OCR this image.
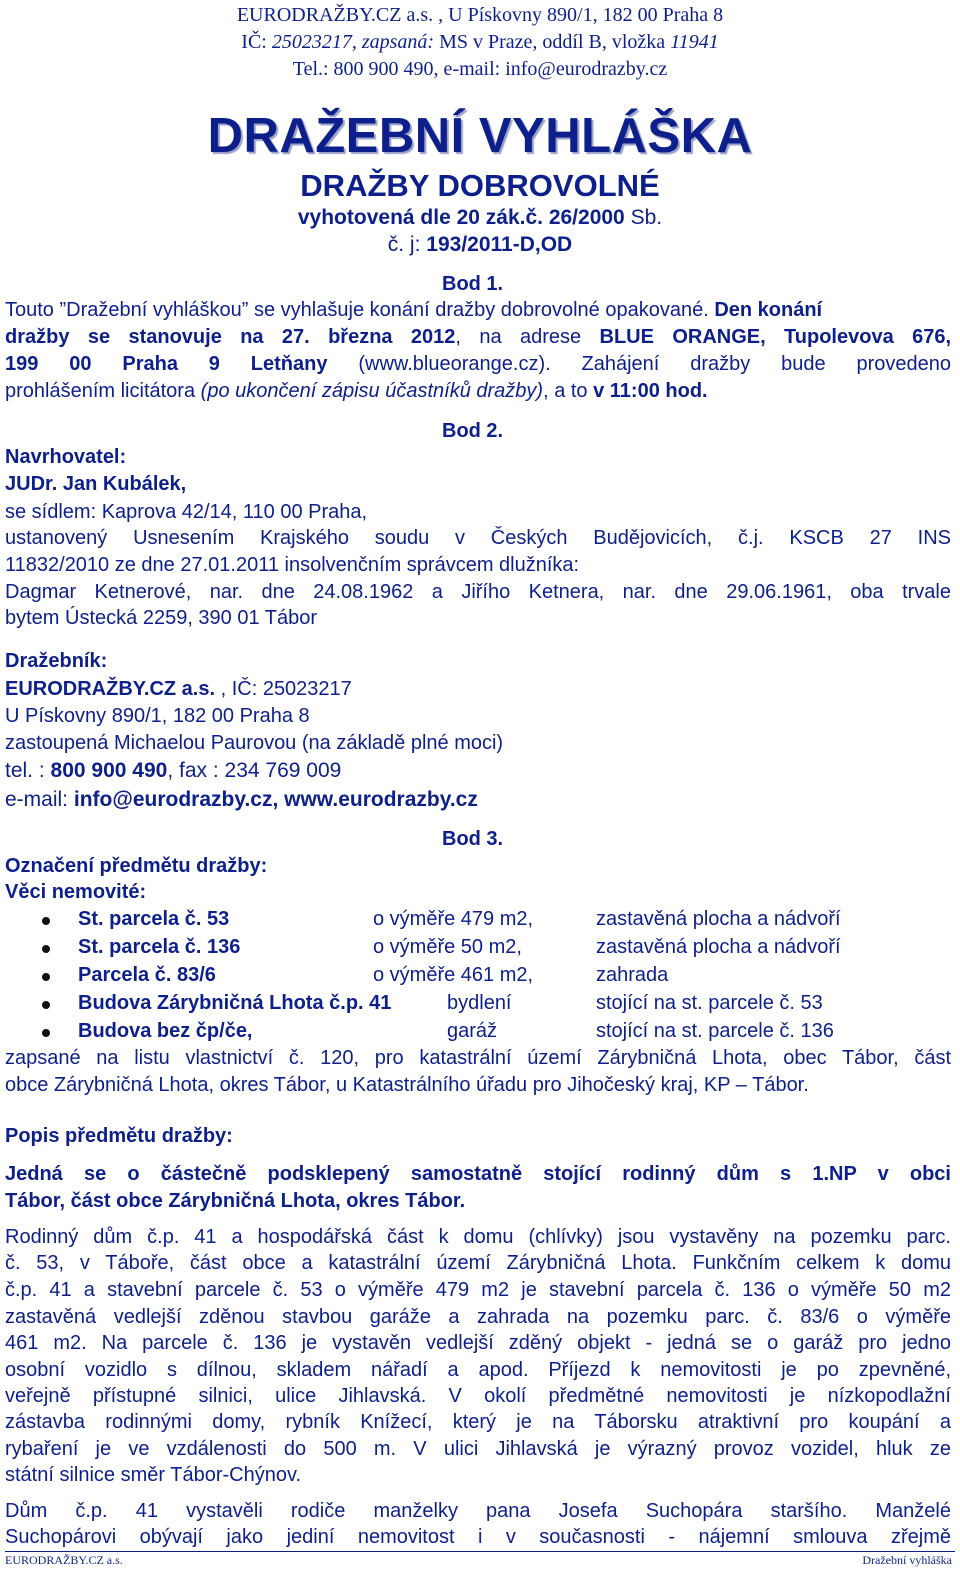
EURODRAŽBY.CZ a.s. , U Pískovny 890/1, 182 00 Praha 8
IČ: 25023217, zapsaná: MS v Praze, oddíl B, vložka 11941
Tel.: 800 900 490, e-mail: info@eurodrazby.cz
DRAŽEBNÍ VYHLÁŠKA
DRAŽBY DOBROVOLNÉ
vyhotovená dle 20 zák.č. 26/2000 Sb.
č. j: 193/2011-D,OD
Bod 1.
Touto ”Dražební vyhláškou” se vyhlašuje konání dražby dobrovolné opakované. Den konání
dražby se stanovuje na 27. března 2012, na adrese BLUE ORANGE, Tupolevova 676,
199 00 Praha 9 Letňany (www.blueorange.cz). Zahájení dražby bude provedeno
prohlášením licitátora (po ukončení zápisu účastníků dražby), a to v 11:00 hod.
Bod 2.
Navrhovatel:
JUDr. Jan Kubálek,
se sídlem: Kaprova 42/14, 110 00 Praha,
ustanovený Usnesením Krajského soudu v Českých Budějovicích, č.j. KSCB 27 INS
11832/2010 ze dne 27.01.2011 insolvenčním správcem dlužníka:
Dagmar Ketnerové, nar. dne 24.08.1962 a Jiřího Ketnera, nar. dne 29.06.1961, oba trvale
bytem Ústecká 2259, 390 01 Tábor
Dražebník:
EURODRAŽBY.CZ a.s. , IČ: 25023217
U Pískovny 890/1, 182 00 Praha 8
zastoupená Michaelou Paurovou (na základě plné moci)
tel. : 800 900 490, fax : 234 769 009
e-mail: info@eurodrazby.cz, www.eurodrazby.cz
Bod 3.
Označení předmětu dražby:
Věci nemovité:
St. parcela č. 53	o výměře 479 m2,	zastavěná plocha a nádvoří
St. parcela č. 136	o výměře 50 m2,	zastavěná plocha a nádvoří
Parcela č. 83/6	o výměře 461 m2,	zahrada
Budova Zárybničná Lhota č.p. 41	bydlení	stojící na st. parcele č. 53
Budova bez čp/če,	garáž	stojící na st. parcele č. 136
zapsané na listu vlastnictví č. 120, pro katastrální území Zárybničná Lhota, obec Tábor, část
obce Zárybničná Lhota, okres Tábor, u Katastrálního úřadu pro Jihočeský kraj, KP – Tábor.
Popis předmětu dražby:
Jedná se o částečně podsklepený samostatně stojící rodinný dům s 1.NP v obci
Tábor, část obce Zárybničná Lhota, okres Tábor.
Rodinný dům č.p. 41 a hospodářská část k domu (chlívky) jsou vystavěny na pozemku parc.
č. 53, v Táboře, část obce a katastrální území Zárybničná Lhota. Funkčním celkem k domu
č.p. 41 a stavební parcele č. 53 o výměře 479 m2 je stavební parcela č. 136 o výměře 50 m2
zastavěná vedlejší zděnou stavbou garáže a zahrada na pozemku parc. č. 83/6 o výměře
461 m2. Na parcele č. 136 je vystavěn vedlejší zděný objekt - jedná se o garáž pro jedno
osobní vozidlo s dílnou, skladem nářadí a apod. Příjezd k nemovitosti je po zpevněné,
veřejně přístupné silnici, ulice Jihlavská. V okolí předmětné nemovitosti je nízkopodlažní
zástavba rodinnými domy, rybník Knížecí, který je na Táborsku atraktivní pro koupání a
rybaření je ve vzdálenosti do 500 m. V ulici Jihlavská je výrazný provoz vozidel, hluk ze
státní silnice směr Tábor-Chýnov.
Dům č.p. 41 vystavěli rodiče manželky pana Josefa Suchopára staršího. Manželé
Suchopárovi obývají jako jediní nemovitost i v současnosti - nájemní smlouva zřejmě
EURODRAŽBY.CZ a.s.	Dražební vyhláška
